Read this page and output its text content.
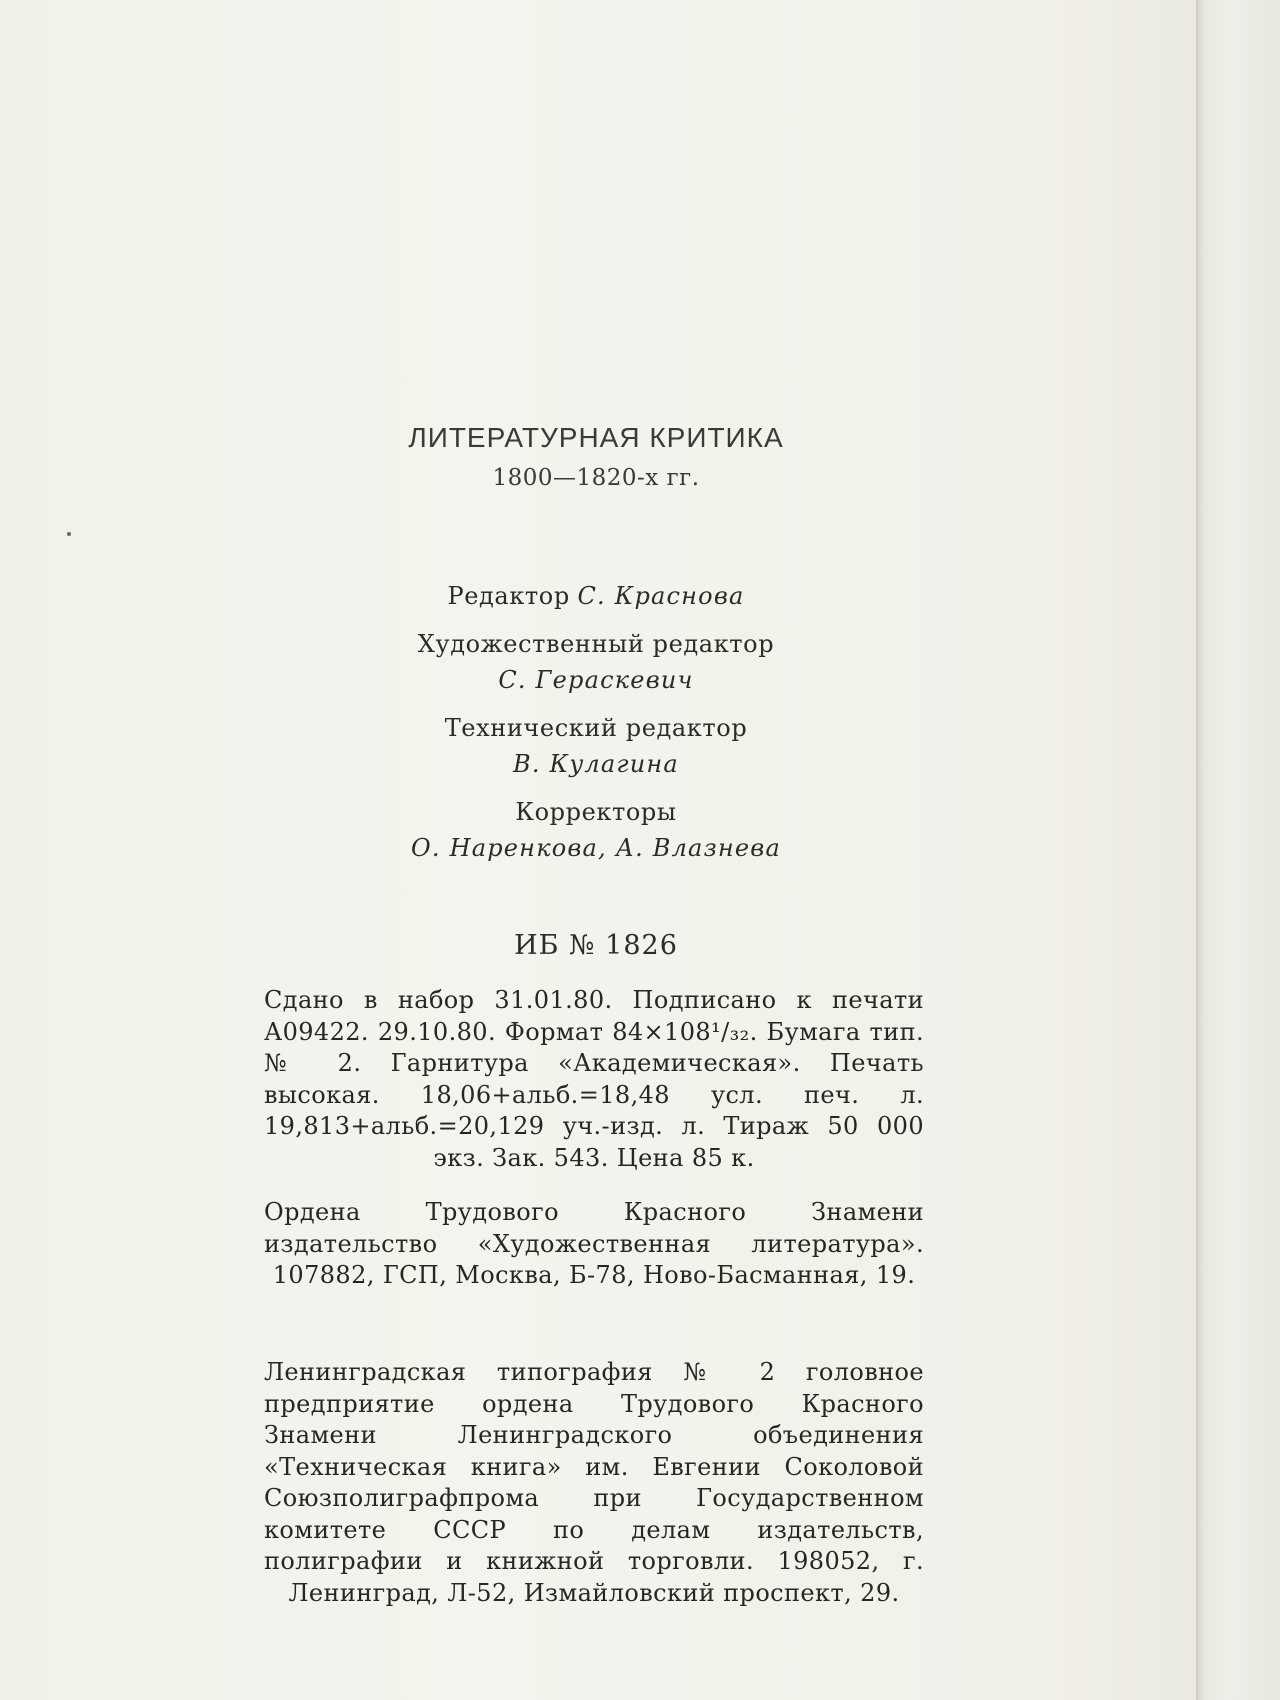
ЛИТЕРАТУРНАЯ КРИТИКА
1800—1820-х гг.
Редактор С. Краснова
Художественный редактор
С. Гераскевич
Технический редактор
В. Кулагина
Корректоры
О. Наренкова, А. Влазнева
ИБ № 1826
Сдано в набор 31.01.80. Подписано к печати А09422. 29.10.80. Формат 84×108¹/₃₂. Бумага тип. № 2. Гарнитура «Академическая». Печать высокая. 18,06+альб.=18,48 усл. печ. л. 19,813+альб.=20,129 уч.-изд. л. Тираж 50 000 экз. Зак. 543. Цена 85 к.
Ордена Трудового Красного Знамени издательство «Художественная литература». 107882, ГСП, Москва, Б-78, Ново-Басманная, 19.
Ленинградская типография № 2 головное предприятие ордена Трудового Красного Знамени Ленинградского объединения «Техническая книга» им. Евгении Соколовой Союзполиграфпрома при Государственном комитете СССР по делам издательств, полиграфии и книжной торговли. 198052, г. Ленинград, Л-52, Измайловский проспект, 29.
